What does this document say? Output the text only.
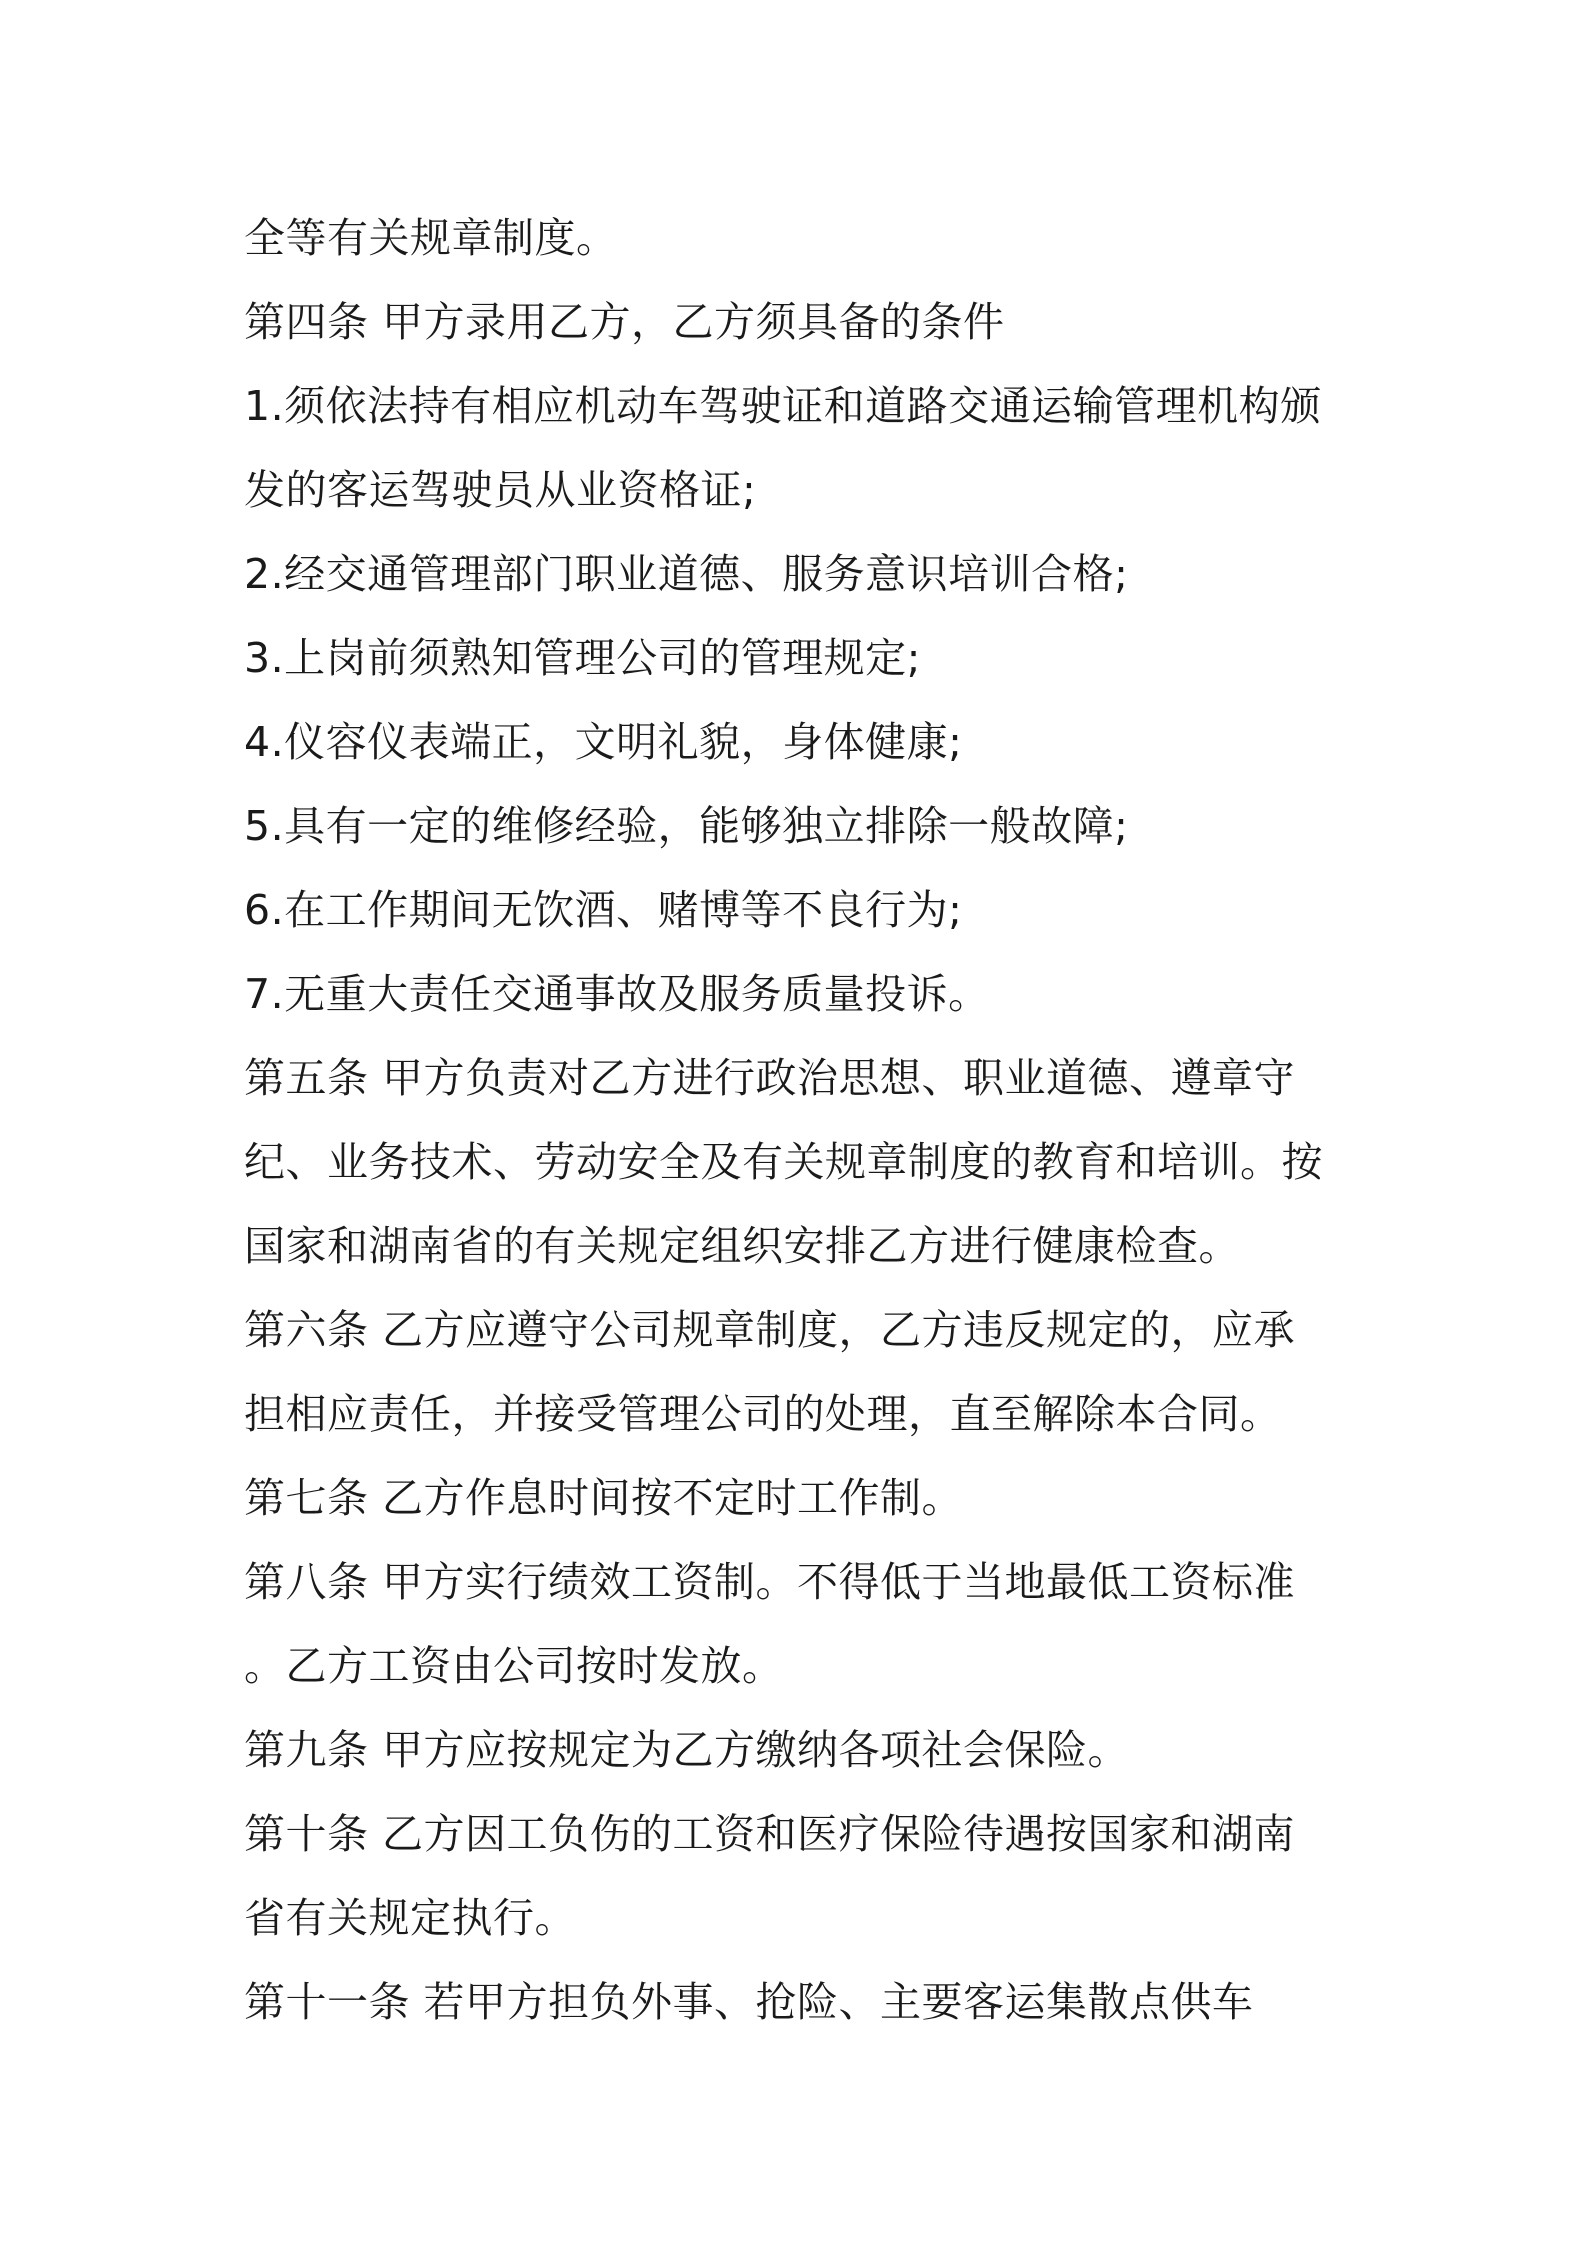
全等有关规章制度。
第四条 甲方录用乙方，乙方须具备的条件
1.须依法持有相应机动车驾驶证和道路交通运输管理机构颁
发的客运驾驶员从业资格证;
2.经交通管理部门职业道德、服务意识培训合格;
3.上岗前须熟知管理公司的管理规定;
4.仪容仪表端正，文明礼貌，身体健康;
5.具有一定的维修经验，能够独立排除一般故障;
6.在工作期间无饮酒、赌博等不良行为;
7.无重大责任交通事故及服务质量投诉。
第五条 甲方负责对乙方进行政治思想、职业道德、遵章守
纪、业务技术、劳动安全及有关规章制度的教育和培训。按
国家和湖南省的有关规定组织安排乙方进行健康检查。
第六条 乙方应遵守公司规章制度，乙方违反规定的，应承
担相应责任，并接受管理公司的处理，直至解除本合同。
第七条 乙方作息时间按不定时工作制。
第八条 甲方实行绩效工资制。不得低于当地最低工资标准
。乙方工资由公司按时发放。
第九条 甲方应按规定为乙方缴纳各项社会保险。
第十条 乙方因工负伤的工资和医疗保险待遇按国家和湖南
省有关规定执行。
第十一条 若甲方担负外事、抢险、主要客运集散点供车
